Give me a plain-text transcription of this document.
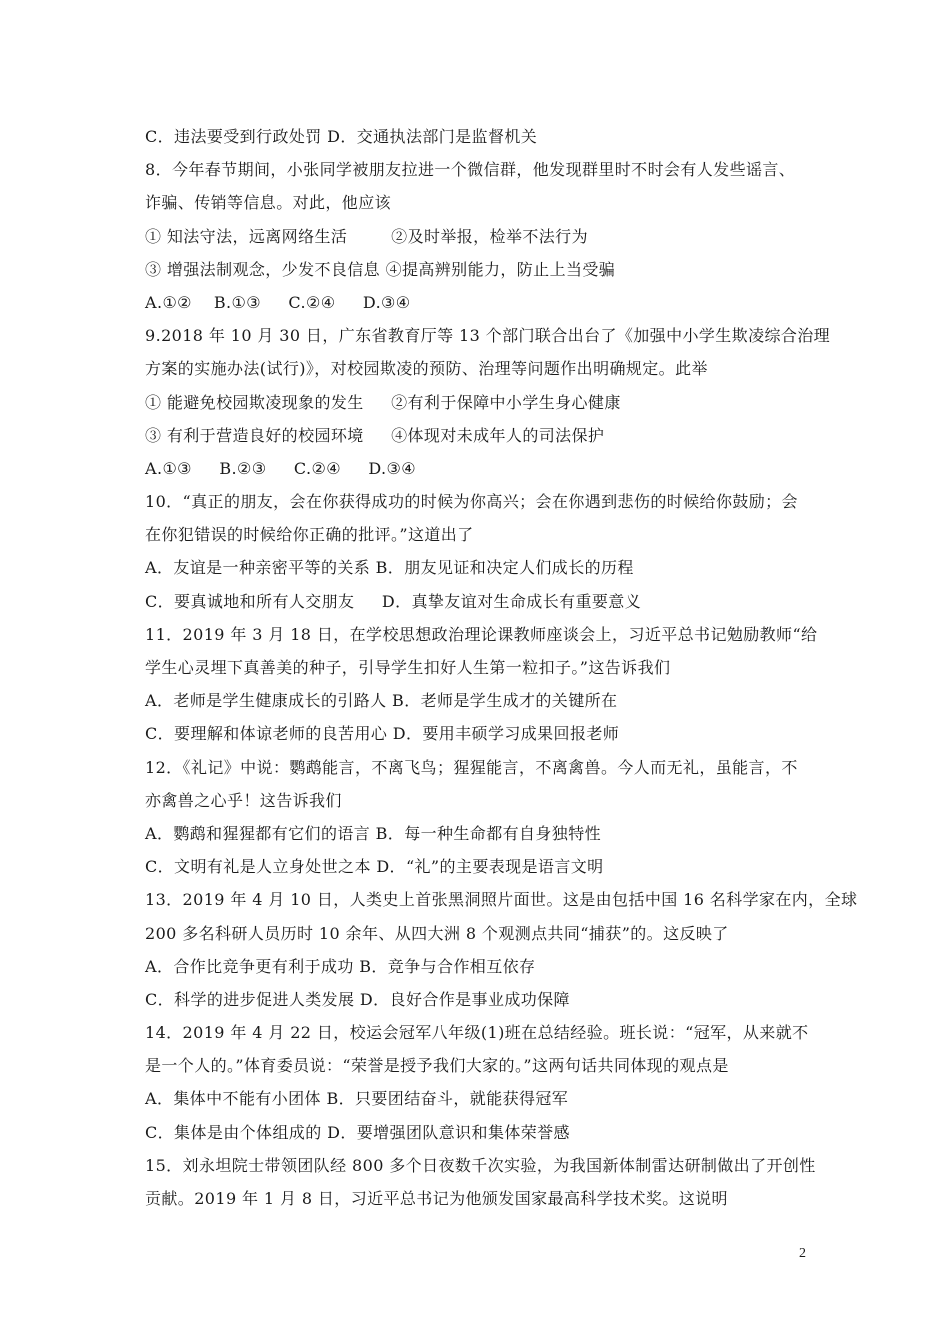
C．违法要受到行政处罚 D．交通执法部门是监督机关
8．今年春节期间，小张同学被朋友拉进一个微信群，他发现群里时不时会有人发些谣言、
诈骗、传销等信息。对此，他应该
① 知法守法，远离网络生活        ②及时举报，检举不法行为
③ 增强法制观念，少发不良信息 ④提高辨别能力，防止上当受骗
A.①②    B.①③     C.②④     D.③④
9.2018 年 10 月 30 日，广东省教育厅等 13 个部门联合出台了《加强中小学生欺凌综合治理
方案的实施办法(试行)》，对校园欺凌的预防、治理等问题作出明确规定。此举
① 能避免校园欺凌现象的发生     ②有利于保障中小学生身心健康
③ 有利于营造良好的校园环境     ④体现对未成年人的司法保护
A.①③     B.②③     C.②④     D.③④
10．“真正的朋友，会在你获得成功的时候为你高兴；会在你遇到悲伤的时候给你鼓励；会
在你犯错误的时候给你正确的批评。”这道出了
A．友谊是一种亲密平等的关系 B．朋友见证和决定人们成长的历程
C．要真诚地和所有人交朋友     D．真挚友谊对生命成长有重要意义
11．2019 年 3 月 18 日，在学校思想政治理论课教师座谈会上，习近平总书记勉励教师“给
学生心灵埋下真善美的种子，引导学生扣好人生第一粒扣子。”这告诉我们
A．老师是学生健康成长的引路人 B．老师是学生成才的关键所在
C．要理解和体谅老师的良苦用心 D．要用丰硕学习成果回报老师
12．《礼记》中说：鹦鹉能言，不离飞鸟；猩猩能言，不离禽兽。今人而无礼，虽能言，不
亦禽兽之心乎！这告诉我们
A．鹦鹉和猩猩都有它们的语言 B．每一种生命都有自身独特性
C．文明有礼是人立身处世之本 D．“礼”的主要表现是语言文明
13．2019 年 4 月 10 日，人类史上首张黑洞照片面世。这是由包括中国 16 名科学家在内，全球
200 多名科研人员历时 10 余年、从四大洲 8 个观测点共同“捕获”的。这反映了
A．合作比竞争更有利于成功 B．竞争与合作相互依存
C．科学的进步促进人类发展 D．良好合作是事业成功保障
14．2019 年 4 月 22 日，校运会冠军八年级(1)班在总结经验。班长说：“冠军，从来就不
是一个人的。”体育委员说：“荣誉是授予我们大家的。”这两句话共同体现的观点是
A．集体中不能有小团体 B．只要团结奋斗，就能获得冠军
C．集体是由个体组成的 D．要增强团队意识和集体荣誉感
15．刘永坦院士带领团队经 800 多个日夜数千次实验，为我国新体制雷达研制做出了开创性
贡献。2019 年 1 月 8 日，习近平总书记为他颁发国家最高科学技术奖。这说明
2
